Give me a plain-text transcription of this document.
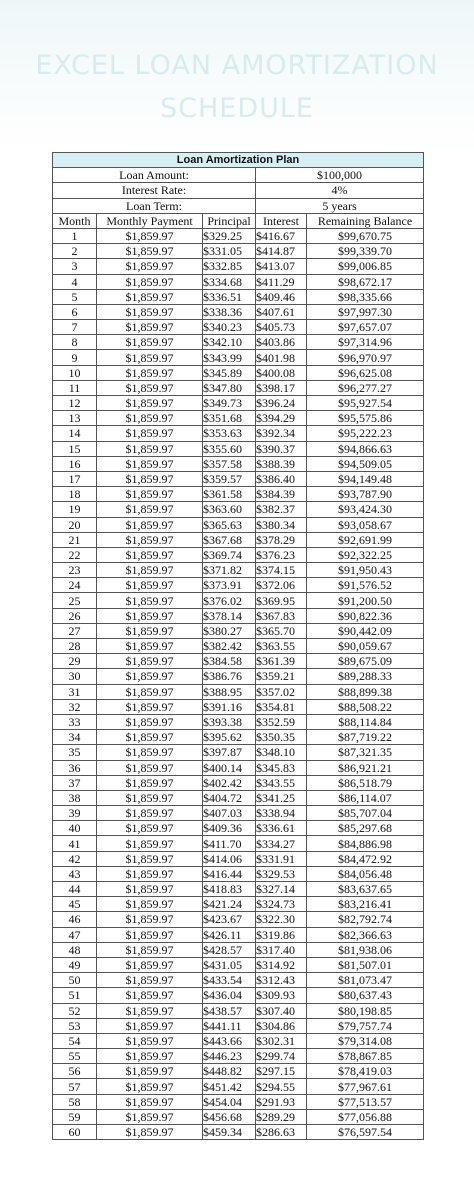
EXCEL LOAN AMORTIZATION
SCHEDULE
Loan Amortization Plan				
Loan Amount:			$100,000	
Interest Rate:			4%	
Loan Term:			5 years	
Month	Monthly Payment	Principal	Interest	Remaining Balance
1	$1,859.97	$329.25	$416.67	$99,670.75
2	$1,859.97	$331.05	$414.87	$99,339.70
3	$1,859.97	$332.85	$413.07	$99,006.85
4	$1,859.97	$334.68	$411.29	$98,672.17
5	$1,859.97	$336.51	$409.46	$98,335.66
6	$1,859.97	$338.36	$407.61	$97,997.30
7	$1,859.97	$340.23	$405.73	$97,657.07
8	$1,859.97	$342.10	$403.86	$97,314.96
9	$1,859.97	$343.99	$401.98	$96,970.97
10	$1,859.97	$345.89	$400.08	$96,625.08
11	$1,859.97	$347.80	$398.17	$96,277.27
12	$1,859.97	$349.73	$396.24	$95,927.54
13	$1,859.97	$351.68	$394.29	$95,575.86
14	$1,859.97	$353.63	$392.34	$95,222.23
15	$1,859.97	$355.60	$390.37	$94,866.63
16	$1,859.97	$357.58	$388.39	$94,509.05
17	$1,859.97	$359.57	$386.40	$94,149.48
18	$1,859.97	$361.58	$384.39	$93,787.90
19	$1,859.97	$363.60	$382.37	$93,424.30
20	$1,859.97	$365.63	$380.34	$93,058.67
21	$1,859.97	$367.68	$378.29	$92,691.99
22	$1,859.97	$369.74	$376.23	$92,322.25
23	$1,859.97	$371.82	$374.15	$91,950.43
24	$1,859.97	$373.91	$372.06	$91,576.52
25	$1,859.97	$376.02	$369.95	$91,200.50
26	$1,859.97	$378.14	$367.83	$90,822.36
27	$1,859.97	$380.27	$365.70	$90,442.09
28	$1,859.97	$382.42	$363.55	$90,059.67
29	$1,859.97	$384.58	$361.39	$89,675.09
30	$1,859.97	$386.76	$359.21	$89,288.33
31	$1,859.97	$388.95	$357.02	$88,899.38
32	$1,859.97	$391.16	$354.81	$88,508.22
33	$1,859.97	$393.38	$352.59	$88,114.84
34	$1,859.97	$395.62	$350.35	$87,719.22
35	$1,859.97	$397.87	$348.10	$87,321.35
36	$1,859.97	$400.14	$345.83	$86,921.21
37	$1,859.97	$402.42	$343.55	$86,518.79
38	$1,859.97	$404.72	$341.25	$86,114.07
39	$1,859.97	$407.03	$338.94	$85,707.04
40	$1,859.97	$409.36	$336.61	$85,297.68
41	$1,859.97	$411.70	$334.27	$84,886.98
42	$1,859.97	$414.06	$331.91	$84,472.92
43	$1,859.97	$416.44	$329.53	$84,056.48
44	$1,859.97	$418.83	$327.14	$83,637.65
45	$1,859.97	$421.24	$324.73	$83,216.41
46	$1,859.97	$423.67	$322.30	$82,792.74
47	$1,859.97	$426.11	$319.86	$82,366.63
48	$1,859.97	$428.57	$317.40	$81,938.06
49	$1,859.97	$431.05	$314.92	$81,507.01
50	$1,859.97	$433.54	$312.43	$81,073.47
51	$1,859.97	$436.04	$309.93	$80,637.43
52	$1,859.97	$438.57	$307.40	$80,198.85
53	$1,859.97	$441.11	$304.86	$79,757.74
54	$1,859.97	$443.66	$302.31	$79,314.08
55	$1,859.97	$446.23	$299.74	$78,867.85
56	$1,859.97	$448.82	$297.15	$78,419.03
57	$1,859.97	$451.42	$294.55	$77,967.61
58	$1,859.97	$454.04	$291.93	$77,513.57
59	$1,859.97	$456.68	$289.29	$77,056.88
60	$1,859.97	$459.34	$286.63	$76,597.54
